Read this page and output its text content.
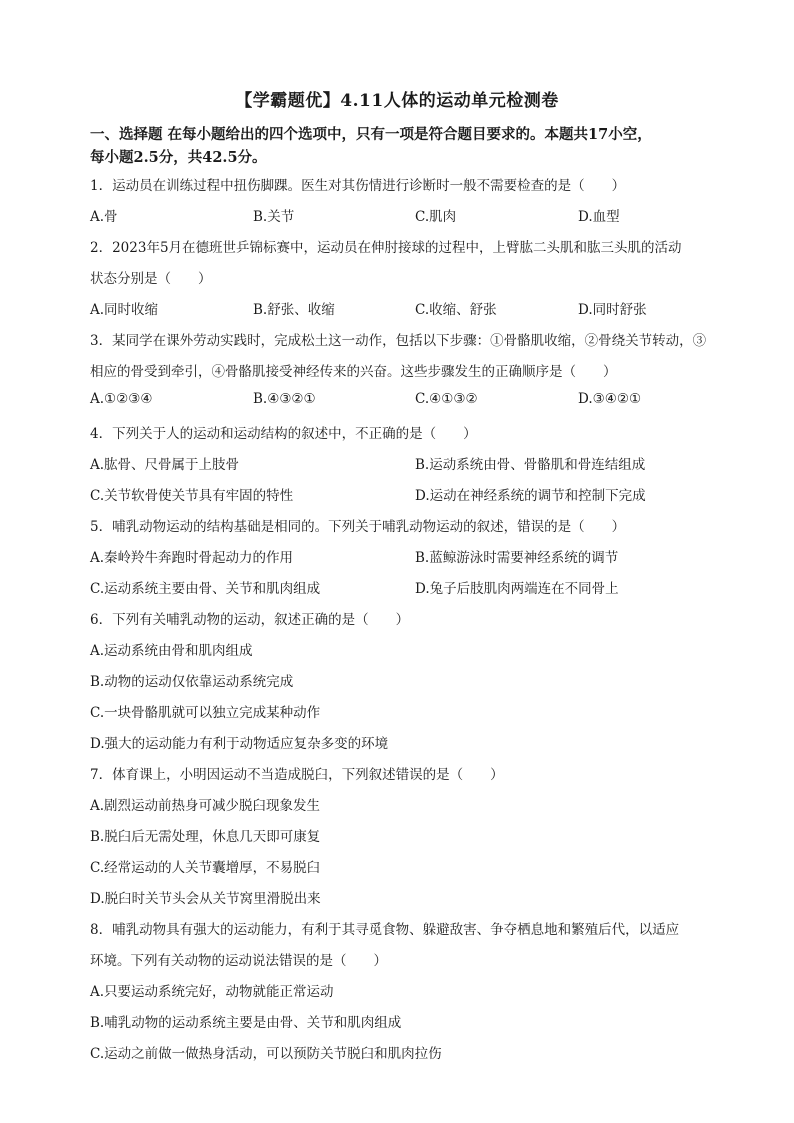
【学霸题优】4.11人体的运动单元检测卷
一、选择题 在每小题给出的四个选项中，只有一项是符合题目要求的。本题共17小空，
每小题2.5分，共42.5分。
1．运动员在训练过程中扭伤脚踝。医生对其伤情进行诊断时一般不需要检查的是（　　）
A.骨	B.关节	C.肌肉	D.血型
2．2023年5月在德班世乒锦标赛中，运动员在伸肘接球的过程中，上臂肱二头肌和肱三头肌的活动
状态分别是（　　）
A.同时收缩	B.舒张、收缩	C.收缩、舒张	D.同时舒张
3．某同学在课外劳动实践时，完成松土这一动作，包括以下步骤：①骨骼肌收缩，②骨绕关节转动，③
相应的骨受到牵引，④骨骼肌接受神经传来的兴奋。这些步骤发生的正确顺序是（　　）
A.①②③④	B.④③②①	C.④①③②	D.③④②①
4．下列关于人的运动和运动结构的叙述中，不正确的是（　　）
A.肱骨、尺骨属于上肢骨	B.运动系统由骨、骨骼肌和骨连结组成
C.关节软骨使关节具有牢固的特性	D.运动在神经系统的调节和控制下完成
5．哺乳动物运动的结构基础是相同的。下列关于哺乳动物运动的叙述，错误的是（　　）
A.秦岭羚牛奔跑时骨起动力的作用	B.蓝鲸游泳时需要神经系统的调节
C.运动系统主要由骨、关节和肌肉组成	D.兔子后肢肌肉两端连在不同骨上
6．下列有关哺乳动物的运动，叙述正确的是（　　）
A.运动系统由骨和肌肉组成
B.动物的运动仅依靠运动系统完成
C.一块骨骼肌就可以独立完成某种动作
D.强大的运动能力有利于动物适应复杂多变的环境
7．体育课上，小明因运动不当造成脱臼，下列叙述错误的是（　　）
A.剧烈运动前热身可减少脱臼现象发生
B.脱臼后无需处理，休息几天即可康复
C.经常运动的人关节囊增厚，不易脱臼
D.脱臼时关节头会从关节窝里滑脱出来
8．哺乳动物具有强大的运动能力，有利于其寻觅食物、躲避敌害、争夺栖息地和繁殖后代，以适应
环境。下列有关动物的运动说法错误的是（　　）
A.只要运动系统完好，动物就能正常运动
B.哺乳动物的运动系统主要是由骨、关节和肌肉组成
C.运动之前做一做热身活动，可以预防关节脱臼和肌肉拉伤
